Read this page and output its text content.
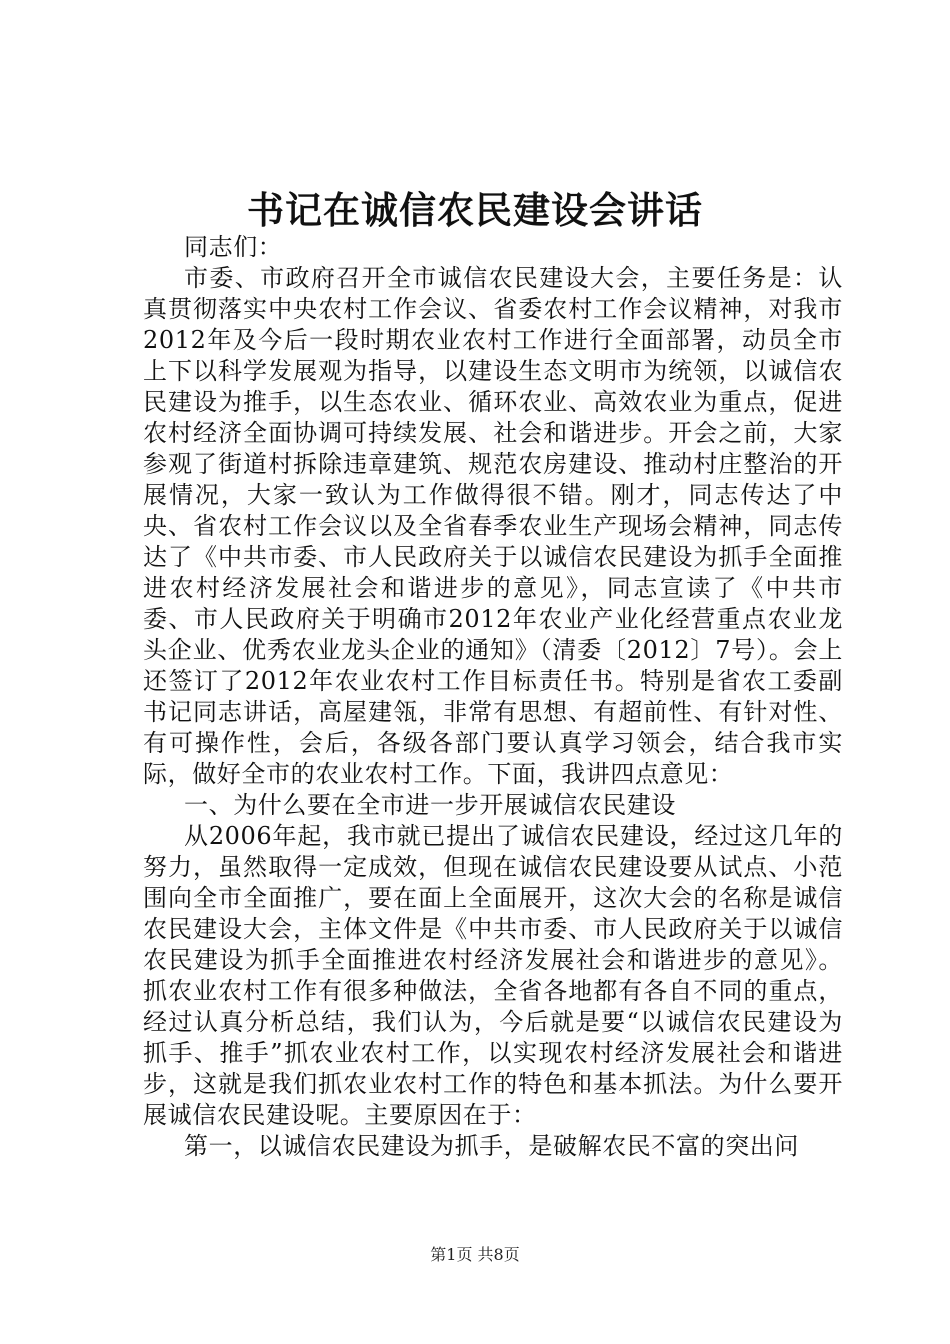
书记在诚信农民建设会讲话

同志们：

市委、市政府召开全市诚信农民建设大会，主要任务是：认真贯彻落实中央农村工作会议、省委农村工作会议精神，对我市2012年及今后一段时期农业农村工作进行全面部署，动员全市上下以科学发展观为指导，以建设生态文明市为统领，以诚信农民建设为推手，以生态农业、循环农业、高效农业为重点，促进农村经济全面协调可持续发展、社会和谐进步。开会之前，大家参观了街道村拆除违章建筑、规范农房建设、推动村庄整治的开展情况，大家一致认为工作做得很不错。刚才，同志传达了中央、省农村工作会议以及全省春季农业生产现场会精神，同志传达了《中共市委、市人民政府关于以诚信农民建设为抓手全面推进农村经济发展社会和谐进步的意见》，同志宣读了《中共市委、市人民政府关于明确市2012年农业产业化经营重点农业龙头企业、优秀农业龙头企业的通知》（清委〔2012〕7号）。会上还签订了2012年农业农村工作目标责任书。特别是省农工委副书记同志讲话，高屋建瓴，非常有思想、有超前性、有针对性、有可操作性，会后，各级各部门要认真学习领会，结合我市实际，做好全市的农业农村工作。下面，我讲四点意见：

一、为什么要在全市进一步开展诚信农民建设

从2006年起，我市就已提出了诚信农民建设，经过这几年的努力，虽然取得一定成效，但现在诚信农民建设要从试点、小范围向全市全面推广，要在面上全面展开，这次大会的名称是诚信农民建设大会，主体文件是《中共市委、市人民政府关于以诚信农民建设为抓手全面推进农村经济发展社会和谐进步的意见》。抓农业农村工作有很多种做法，全省各地都有各自不同的重点，经过认真分析总结，我们认为，今后就是要“以诚信农民建设为抓手、推手”抓农业农村工作，以实现农村经济发展社会和谐进步，这就是我们抓农业农村工作的特色和基本抓法。为什么要开展诚信农民建设呢。主要原因在于：

第一，以诚信农民建设为抓手，是破解农民不富的突出问

第1页 共8页
